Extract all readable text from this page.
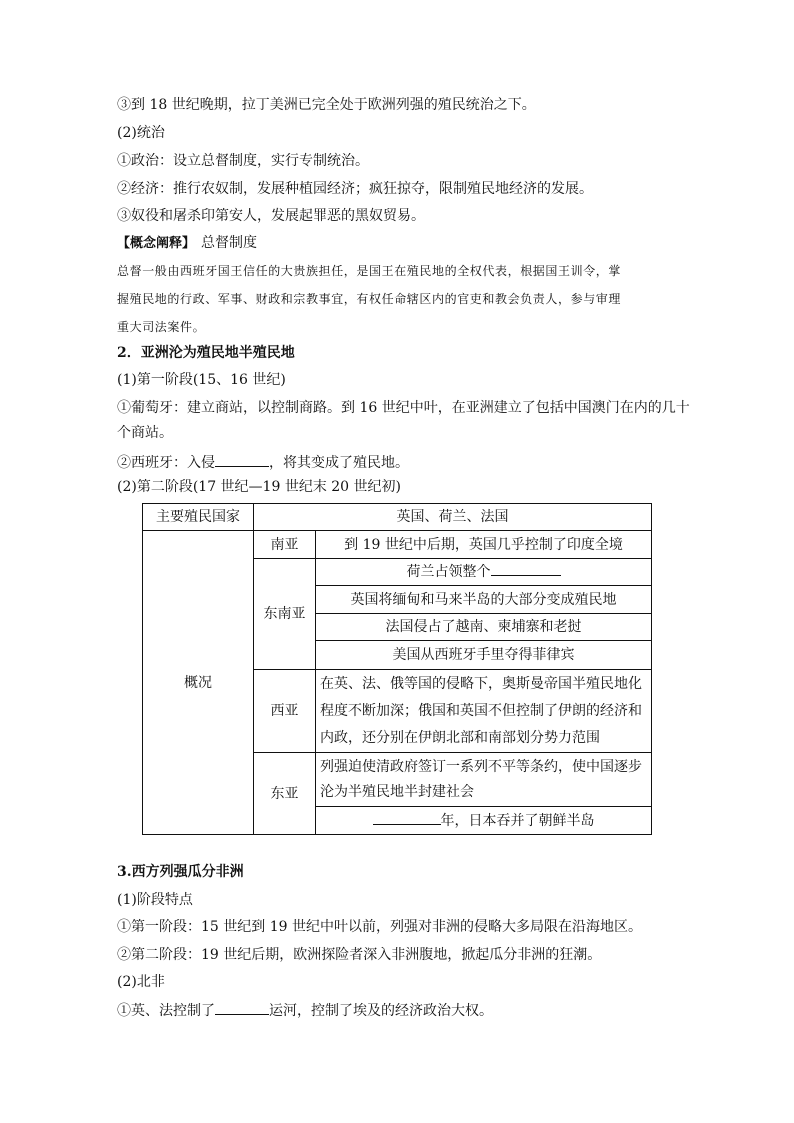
③到 18 世纪晚期，拉丁美洲已完全处于欧洲列强的殖民统治之下。
(2)统治
①政治：设立总督制度，实行专制统治。
②经济：推行农奴制，发展种植园经济；疯狂掠夺，限制殖民地经济的发展。
③奴役和屠杀印第安人，发展起罪恶的黑奴贸易。
【概念阐释】 总督制度
总督一般由西班牙国王信任的大贵族担任，是国王在殖民地的全权代表，根据国王训令，掌
握殖民地的行政、军事、财政和宗教事宜，有权任命辖区内的官吏和教会负责人，参与审理
重大司法案件。
2．亚洲沦为殖民地半殖民地
(1)第一阶段(15、16 世纪)
①葡萄牙：建立商站，以控制商路。到 16 世纪中叶，在亚洲建立了包括中国澳门在内的几十
个商站。
②西班牙：入侵	，将其变成了殖民地。
(2)第二阶段(17 世纪—19 世纪末 20 世纪初)
主要殖民国家	英国、荷兰、法国	
概况	南亚	到 19 世纪中后期，英国几乎控制了印度全境
	东南亚	荷兰占领整个
		英国将缅甸和马来半岛的大部分变成殖民地
		法国侵占了越南、柬埔寨和老挝
		美国从西班牙手里夺得菲律宾
	西亚	在英、法、俄等国的侵略下，奥斯曼帝国半殖民地化程度不断加深；俄国和英国不但控制了伊朗的经济和内政，还分别在伊朗北部和南部划分势力范围
	东亚	列强迫使清政府签订一系列不平等条约，使中国逐步沦为半殖民地半封建社会
		年，日本吞并了朝鲜半岛
3.西方列强瓜分非洲
(1)阶段特点
①第一阶段：15 世纪到 19 世纪中叶以前，列强对非洲的侵略大多局限在沿海地区。
②第二阶段：19 世纪后期，欧洲探险者深入非洲腹地，掀起瓜分非洲的狂潮。
(2)北非
①英、法控制了	运河，控制了埃及的经济政治大权。
